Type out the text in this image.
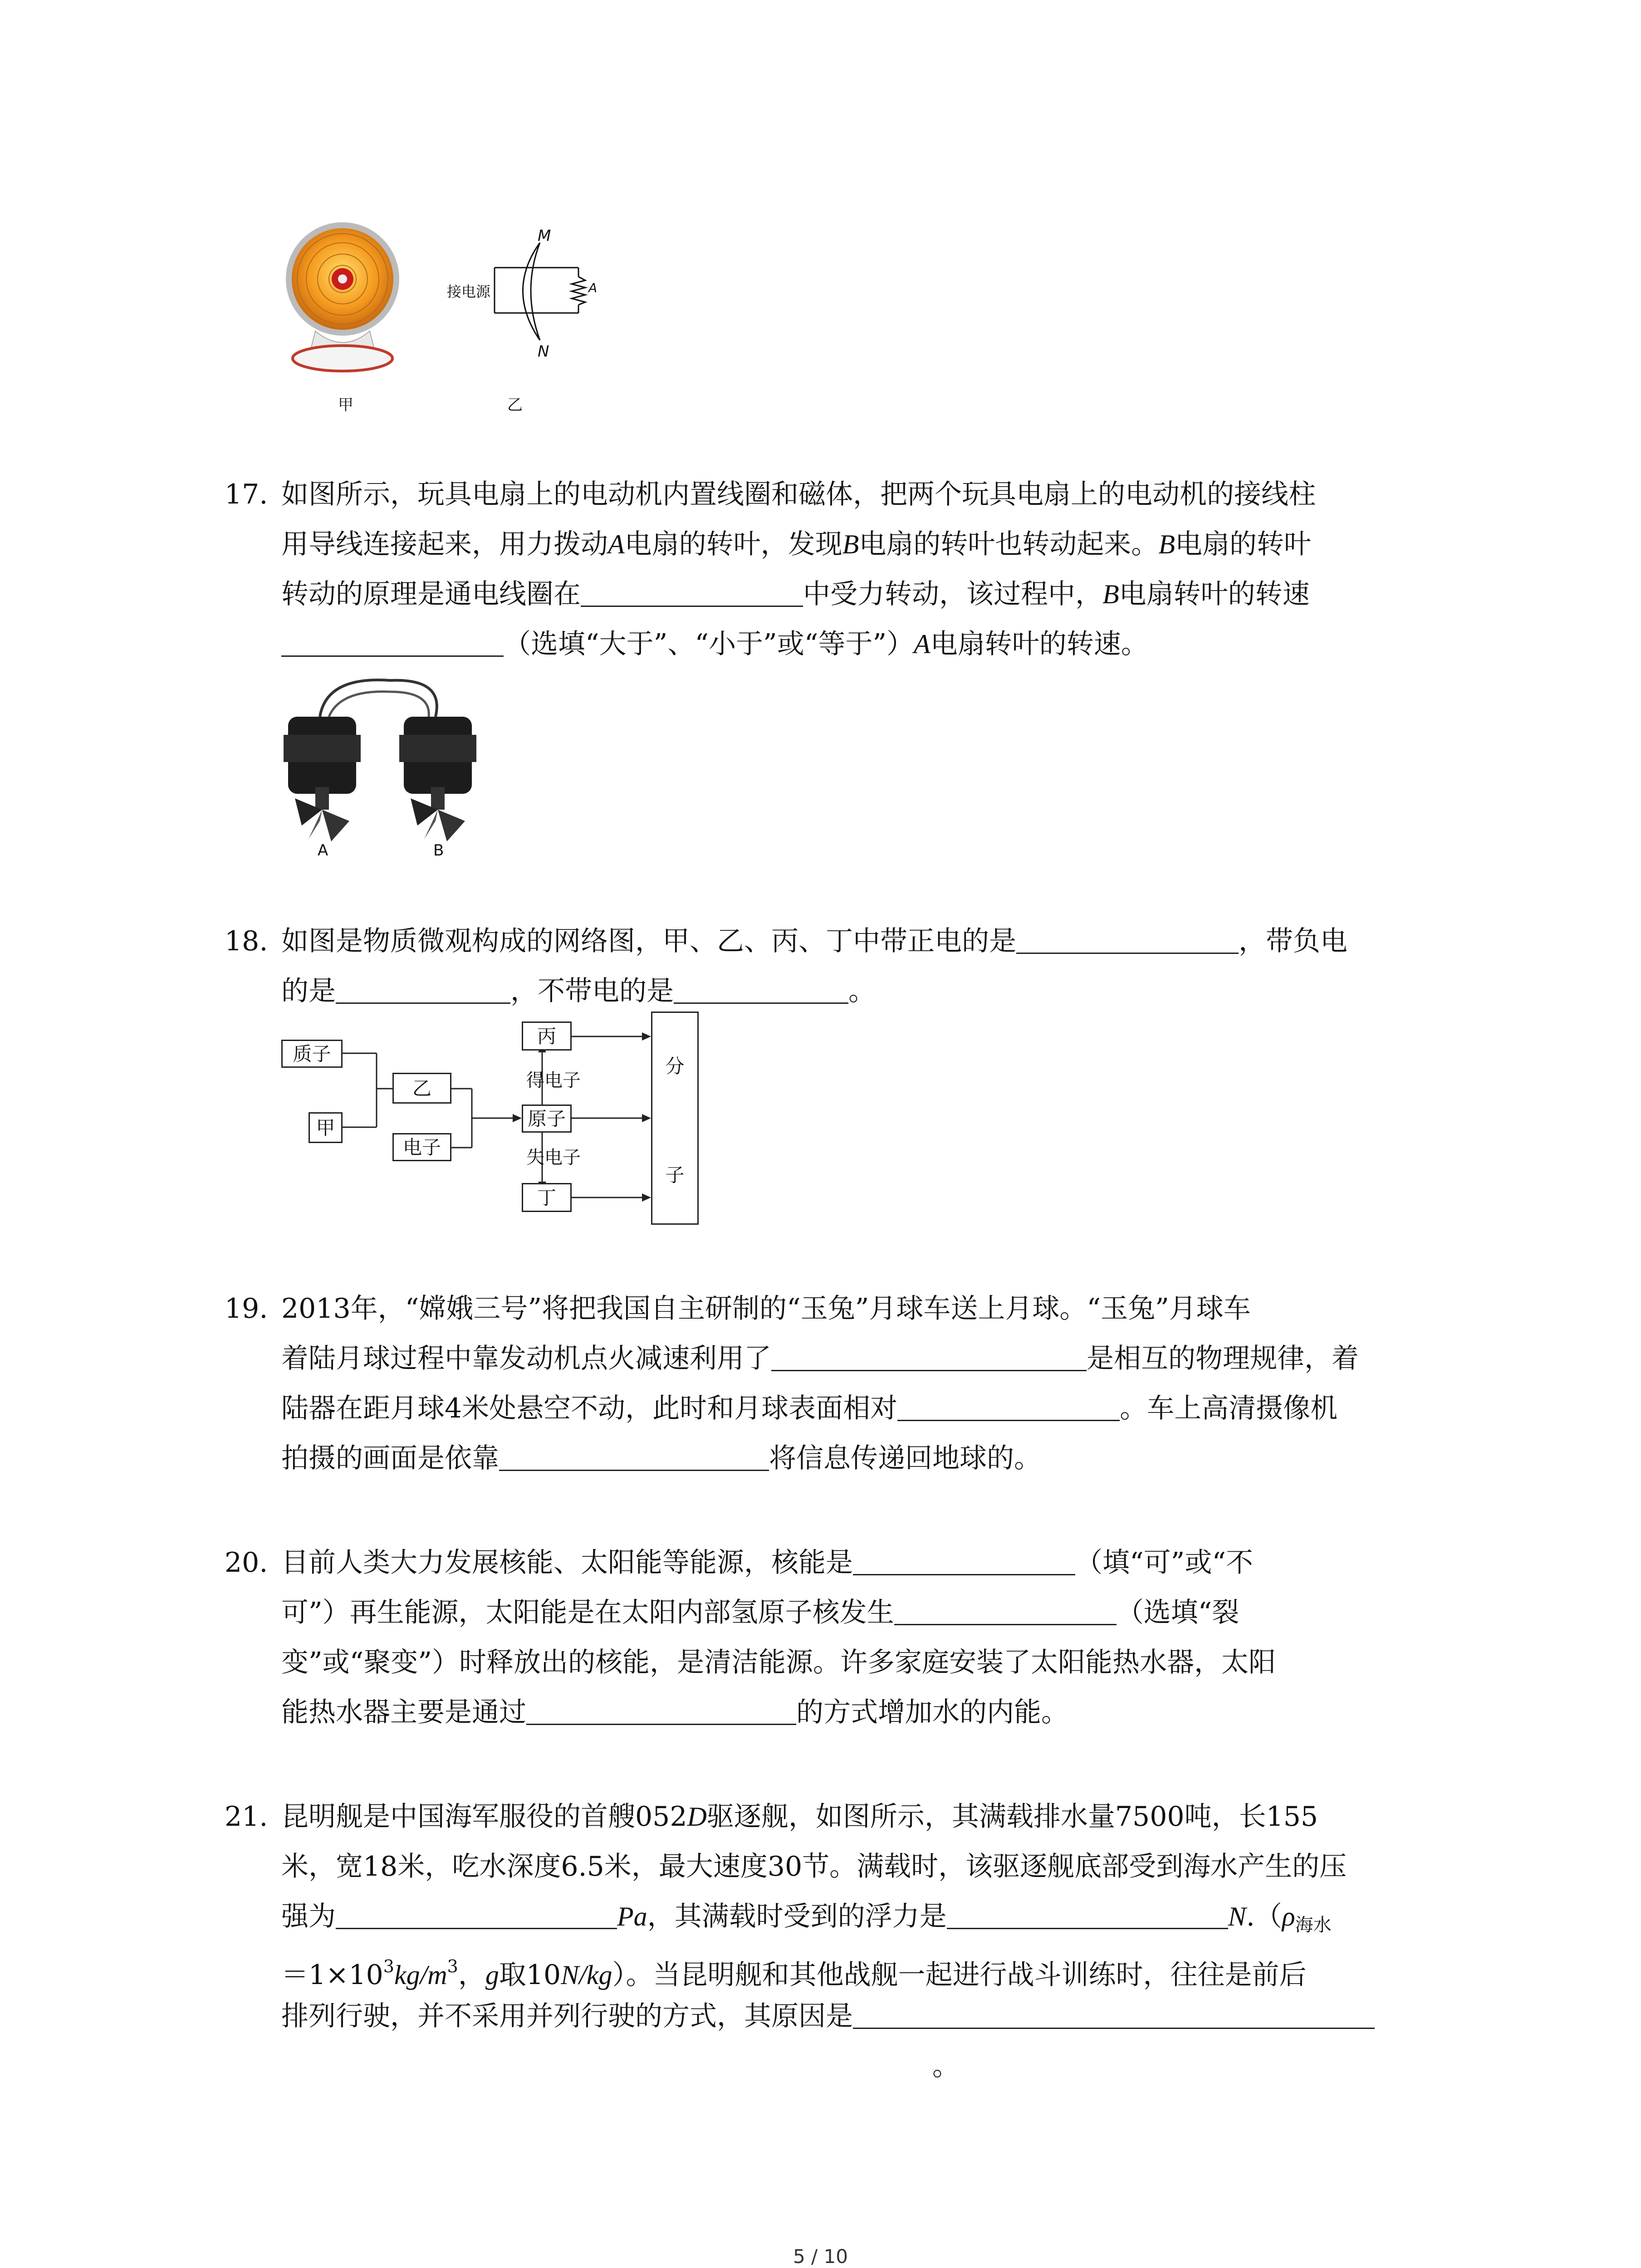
甲
M
N
A
接电源
乙
17. 如图所示，玩具电扇上的电动机内置线圈和磁体，把两个玩具电扇上的电动机的接线柱
用导线连接起来，用力拨动A电扇的转叶，发现B电扇的转叶也转动起来。B电扇的转叶
转动的原理是通电线圈在	中受力转动，该过程中，B电扇转叶的转速
（选填“大于”、“小于”或“等于”）A电扇转叶的转速。
A	B
18. 如图是物质微观构成的网络图，甲、乙、丙、丁中带正电的是	，带负电
的是	，不带电的是	。
质子
甲
乙
电子
丙
原子
丁
得电子
失电子
分
子
19. 2013年，“嫦娥三号”将把我国自主研制的“玉兔”月球车送上月球。“玉兔”月球车
着陆月球过程中靠发动机点火减速利用了	是相互的物理规律，着
陆器在距月球4米处悬空不动，此时和月球表面相对	。车上高清摄像机
拍摄的画面是依靠	将信息传递回地球的。
20. 目前人类大力发展核能、太阳能等能源，核能是	（填“可”或“不
可”）再生能源，太阳能是在太阳内部氢原子核发生	（选填“裂
变”或“聚变”）时释放出的核能，是清洁能源。许多家庭安装了太阳能热水器，太阳
能热水器主要是通过	的方式增加水的内能。
21. 昆明舰是中国海军服役的首艘052D驱逐舰，如图所示，其满载排水量7500吨，长155
米，宽18米，吃水深度6.5米，最大速度30节。满载时，该驱逐舰底部受到海水产生的压
强为	Pa，其满载时受到的浮力是	$N.(\rho_{海水}$
$=1\times 10^3kg/m^3$，g取10N/kg）。当昆明舰和其他战舰一起进行战斗训练时，往往是前后
排列行驶，并不采用并列行驶的方式，其原因是
。
5 / 10
